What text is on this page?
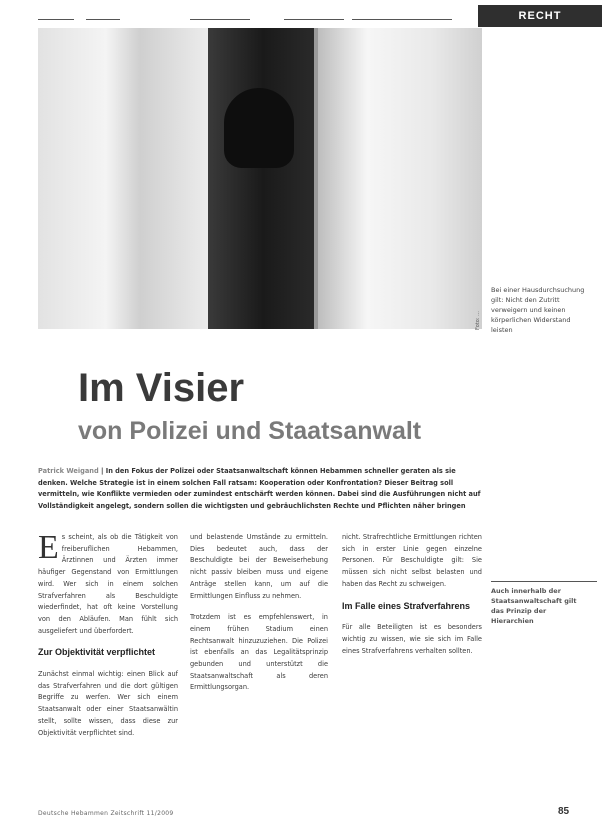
RECHT
Foto: …
Bei einer Hausdurchsuchung gilt: Nicht den Zutritt verweigern und keinen körperlichen Widerstand leisten
Im Visier
von Polizei und Staatsanwalt
Patrick Weigand | In den Fokus der Polizei oder Staatsanwaltschaft können Hebammen schneller geraten als sie denken. Welche Strategie ist in einem solchen Fall ratsam: Kooperation oder Konfrontation? Dieser Beitrag soll vermitteln, wie Konflikte vermieden oder zumindest entschärft werden können. Dabei sind die Ausführungen nicht auf Vollständigkeit angelegt, sondern sollen die wichtigsten und gebräuchlichsten Rechte und Pflichten näher bringen

Es scheint, als ob die Tätigkeit von freiberuflichen Hebammen, Ärztinnen und Ärzten immer häufiger Gegenstand von Ermittlungen wird. Wer sich in einem solchen Strafverfahren als Beschuldigte wiederfindet, hat oft keine Vorstellung von den Abläufen. Man fühlt sich ausgeliefert und überfordert.

Zur Objektivität verpflichtet

Zunächst einmal wichtig: einen Blick auf das Strafverfahren und die dort gültigen Begriffe zu werfen. Wer sich einem Staatsanwalt oder einer Staatsanwältin stellt, sollte wissen, dass diese zur Objektivität verpflichtet sind.

und belastende Umstände zu ermitteln. Dies bedeutet auch, dass der Beschuldigte bei der Beweiserhebung nicht passiv bleiben muss und eigene Anträge stellen kann, um auf die Ermittlungen Einfluss zu nehmen.

Trotzdem ist es empfehlenswert, in einem frühen Stadium einen Rechtsanwalt hinzuzuziehen. Die Polizei ist ebenfalls an das Legalitätsprinzip gebunden und unterstützt die Staatsanwaltschaft als deren Ermittlungsorgan.

nicht. Strafrechtliche Ermittlungen richten sich in erster Linie gegen einzelne Personen. Für Beschuldigte gilt: Sie müssen sich nicht selbst belasten und haben das Recht zu schweigen.

Im Falle eines Strafverfahrens

Für alle Beteiligten ist es besonders wichtig zu wissen, wie sie sich im Falle eines Strafverfahrens verhalten sollten.

Auch innerhalb der Staatsanwaltschaft gilt das Prinzip der Hierarchien
Deutsche Hebammen Zeitschrift 11/2009	85
